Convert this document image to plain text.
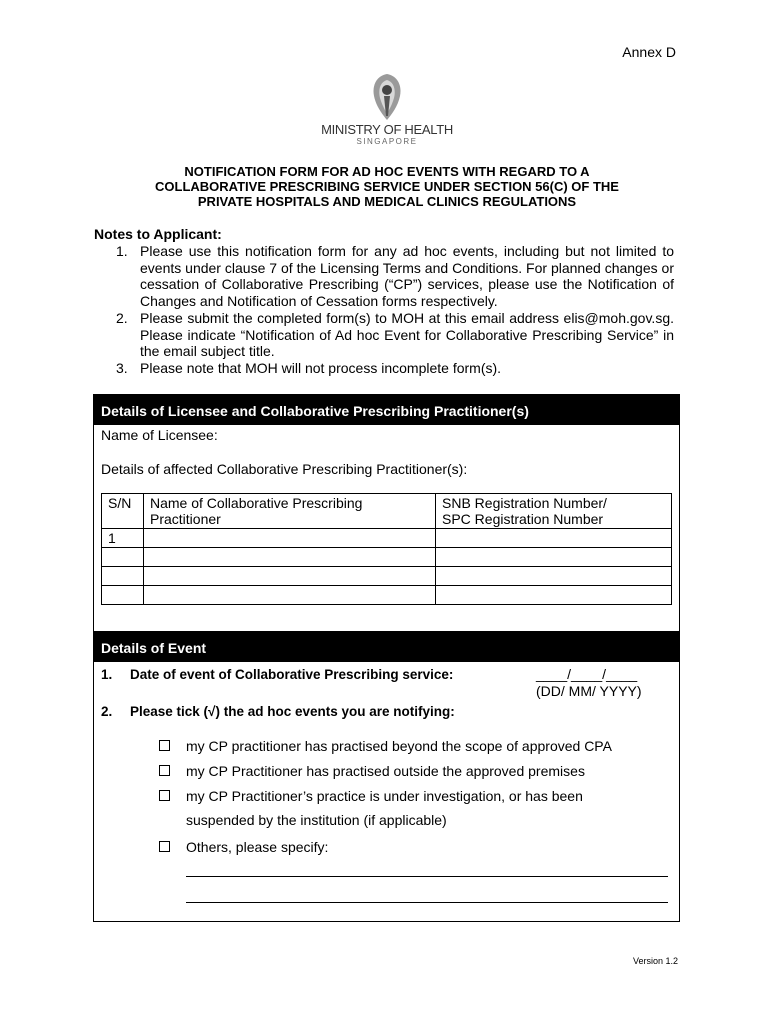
Annex D
MINISTRY OF HEALTH
SINGAPORE
NOTIFICATION FORM FOR AD HOC EVENTS WITH REGARD TO A
COLLABORATIVE PRESCRIBING SERVICE UNDER SECTION 56(C) OF THE
PRIVATE HOSPITALS AND MEDICAL CLINICS REGULATIONS
Notes to Applicant:
1. Please use this notification form for any ad hoc events, including but not limited to events under clause 7 of the Licensing Terms and Conditions. For planned changes or cessation of Collaborative Prescribing (“CP”) services, please use the Notification of Changes and Notification of Cessation forms respectively.
2. Please submit the completed form(s) to MOH at this email address elis@moh.gov.sg. Please indicate “Notification of Ad hoc Event for Collaborative Prescribing Service” in the email subject title.
3. Please note that MOH will not process incomplete form(s).
Details of Licensee and Collaborative Prescribing Practitioner(s)
Name of Licensee:
Details of affected Collaborative Prescribing Practitioner(s):
S/N	Name of Collaborative Prescribing Practitioner	SNB Registration Number/
SPC Registration Number

1		

Details of Event
1. Date of event of Collaborative Prescribing service:	____/____/____
(DD/ MM/ YYYY)
2. Please tick (√) the ad hoc events you are notifying:
my CP practitioner has practised beyond the scope of approved CPA
my CP Practitioner has practised outside the approved premises
my CP Practitioner’s practice is under investigation, or has been
suspended by the institution (if applicable)
Others, please specify:
Version 1.2
